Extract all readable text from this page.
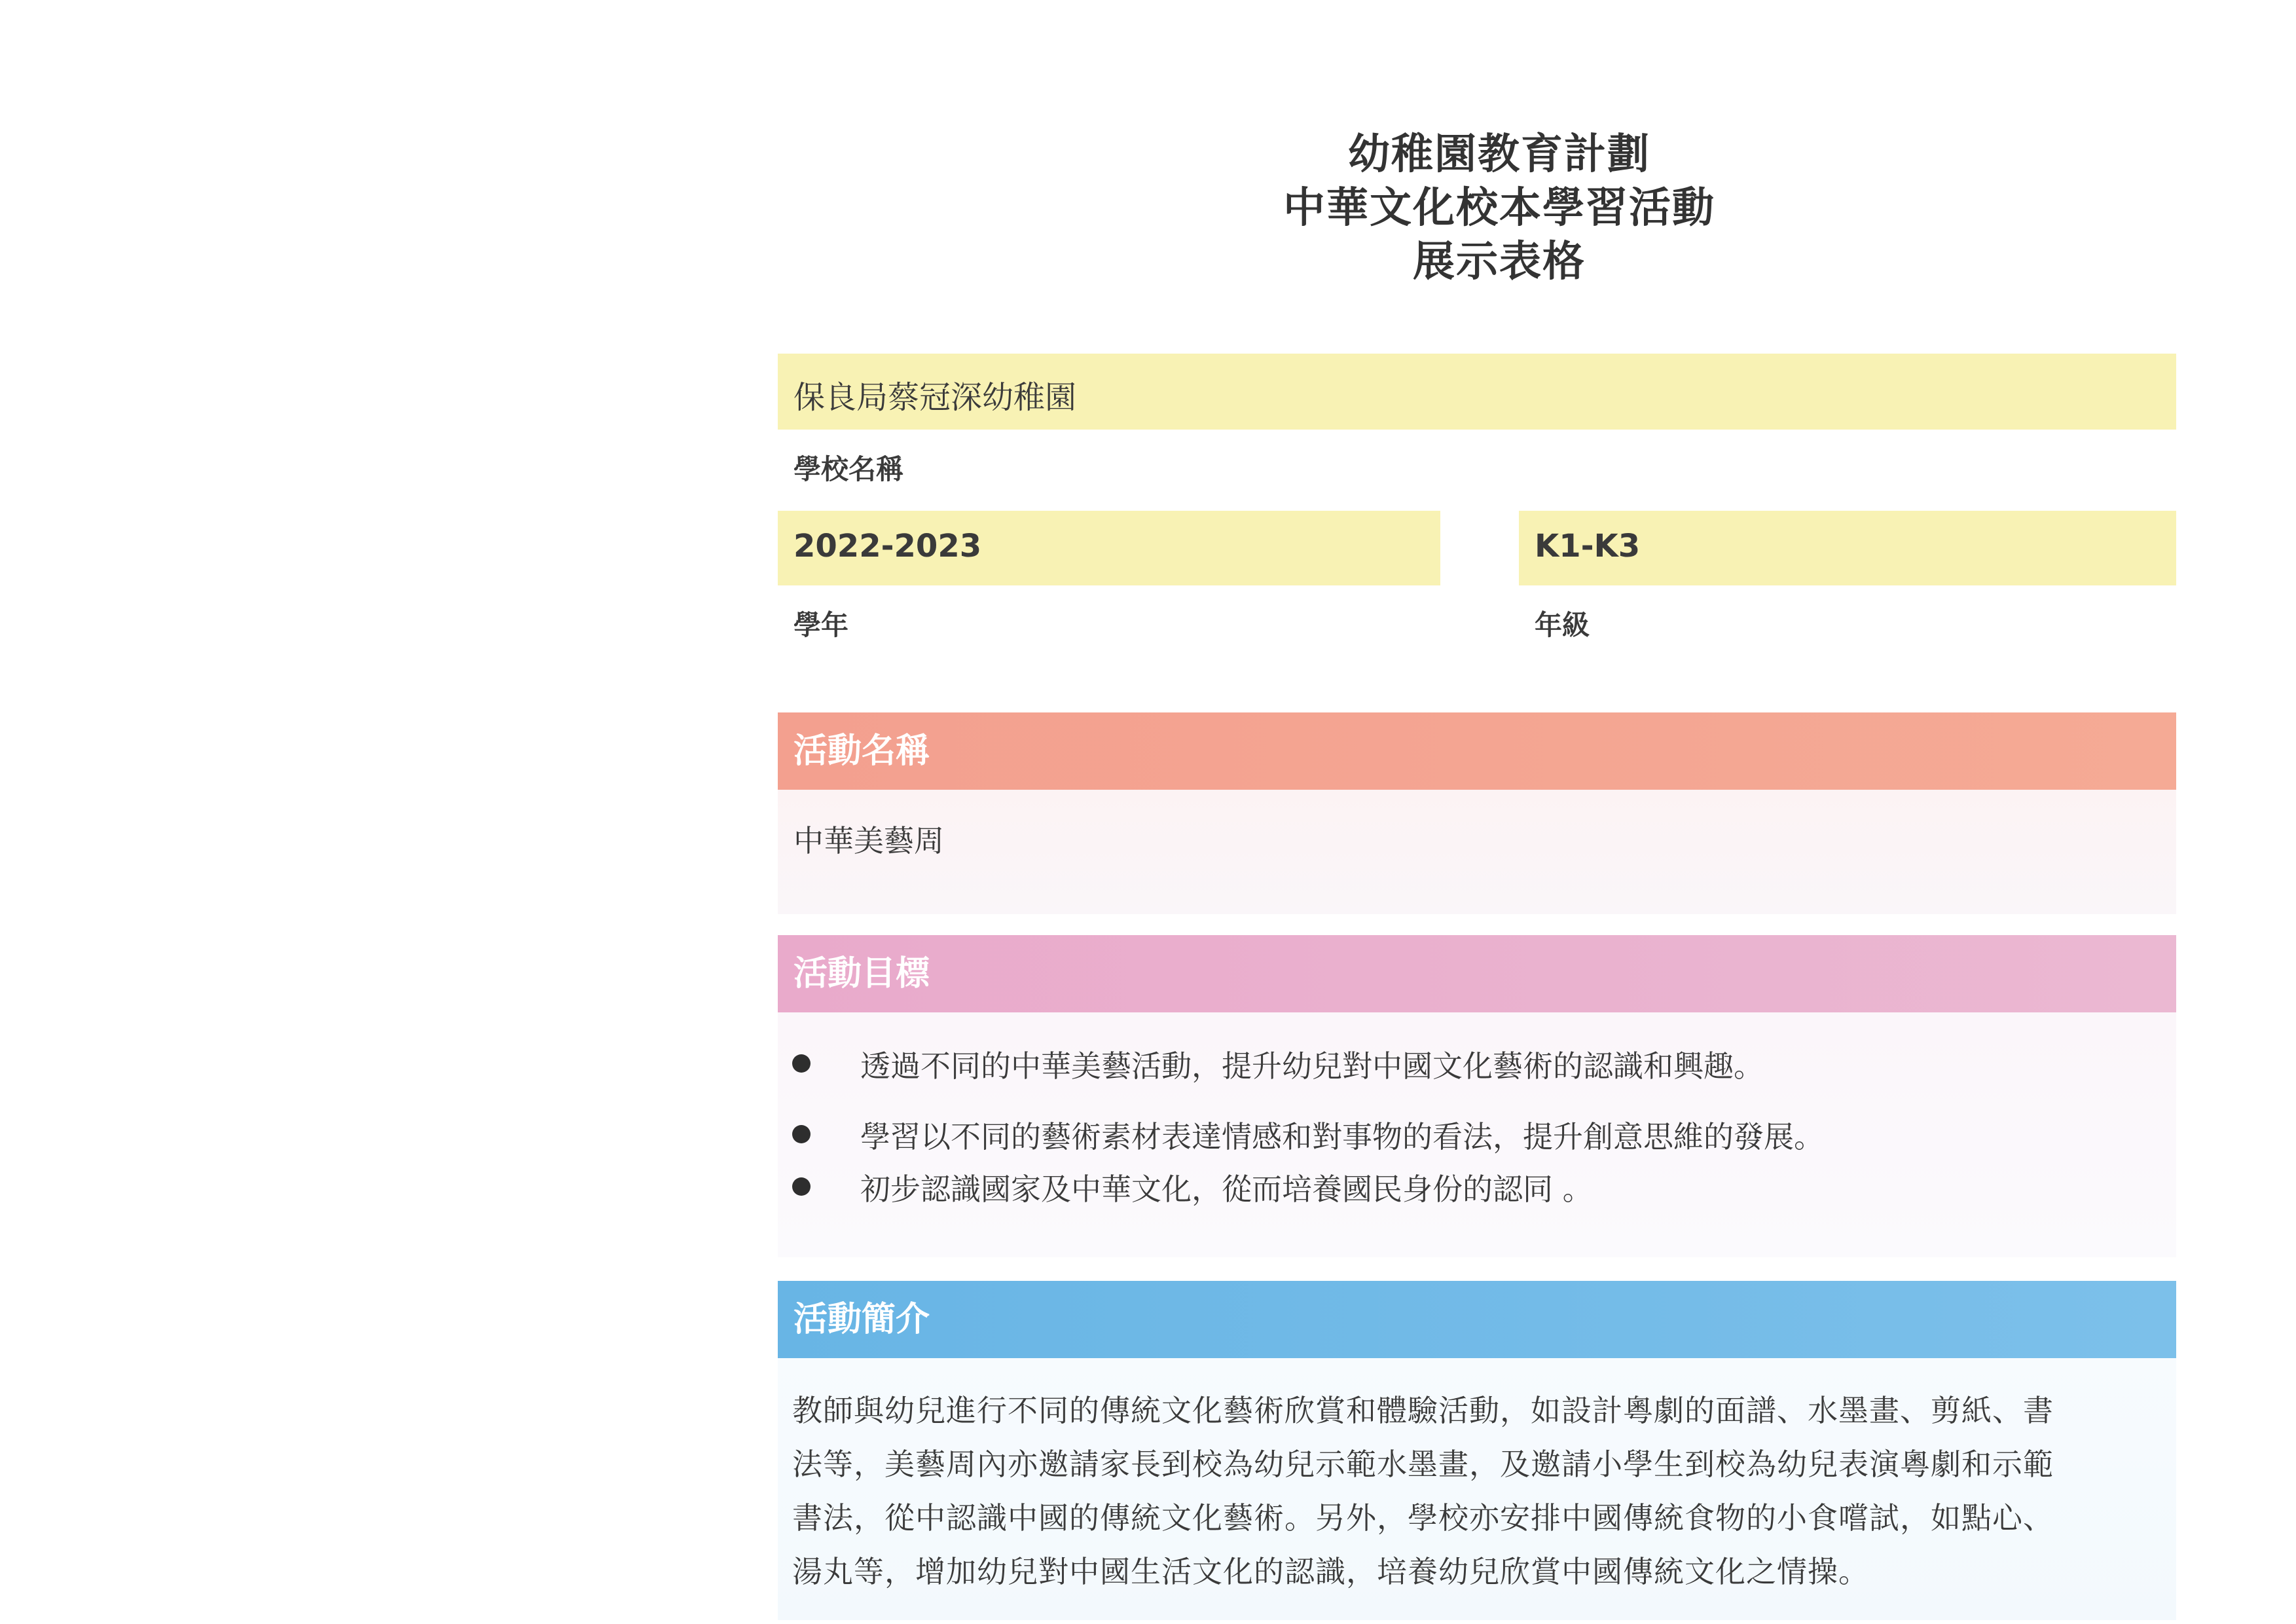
幼稚園教育計劃
中華文化校本學習活動
展示表格
保良局蔡冠深幼稚園
學校名稱
2022-2023
學年
K1-K3
年級
活動名稱
中華美藝周
活動目標
透過不同的中華美藝活動，提升幼兒對中國文化藝術的認識和興趣。
學習以不同的藝術素材表達情感和對事物的看法，提升創意思維的發展。
初步認識國家及中華文化，從而培養國民身份的認同 。
活動簡介
教師與幼兒進行不同的傳統文化藝術欣賞和體驗活動，如設計粵劇的面譜、水墨畫、剪紙、書
法等，美藝周內亦邀請家長到校為幼兒示範水墨畫，及邀請小學生到校為幼兒表演粵劇和示範
書法，從中認識中國的傳統文化藝術。另外，學校亦安排中國傳統食物的小食嚐試，如點心、
湯丸等，增加幼兒對中國生活文化的認識，培養幼兒欣賞中國傳統文化之情操。
